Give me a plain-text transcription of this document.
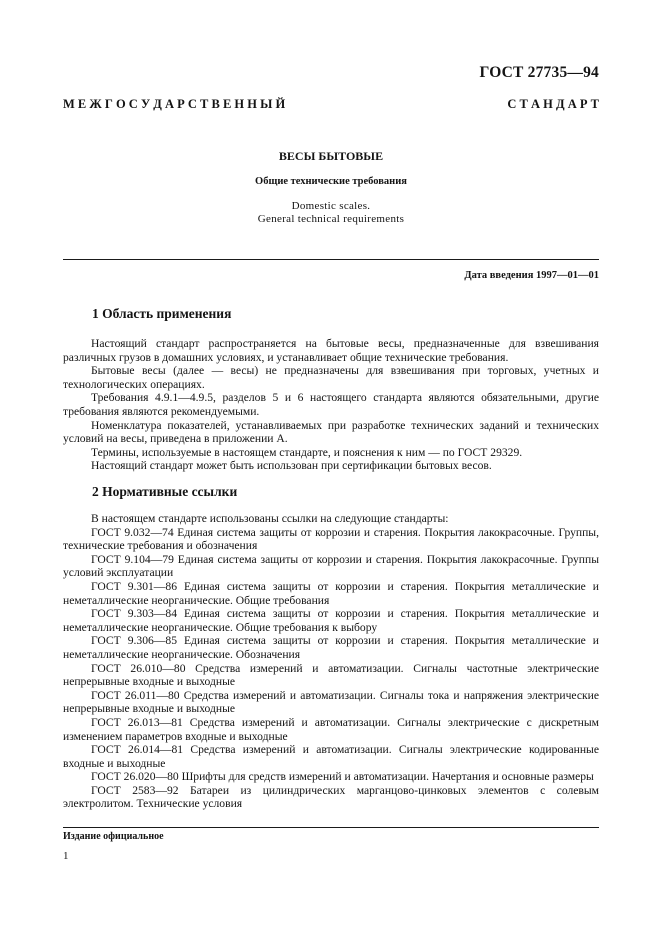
ГОСТ 27735—94
М Е Ж Г О С У Д А Р С Т В Е Н Н Ы Й	С Т А Н Д А Р Т
ВЕСЫ БЫТОВЫЕ
Общие технические требования
Domestic scales.
General technical requirements
Дата введения 1997—01—01
1 Область применения

Настоящий стандарт распространяется на бытовые весы, предназначенные для взвешивания различных грузов в домашних условиях, и устанавливает общие технические требования.

Бытовые весы (далее — весы) не предназначены для взвешивания при торговых, учетных и технологических операциях.

Требования 4.9.1—4.9.5, разделов 5 и 6 настоящего стандарта являются обязательными, другие требования являются рекомендуемыми.

Номенклатура показателей, устанавливаемых при разработке технических заданий и технических условий на весы, приведена в приложении А.

Термины, используемые в настоящем стандарте, и пояснения к ним — по ГОСТ 29329.

Настоящий стандарт может быть использован при сертификации бытовых весов.

2 Нормативные ссылки

В настоящем стандарте использованы ссылки на следующие стандарты:

ГОСТ 9.032—74 Единая система защиты от коррозии и старения. Покрытия лакокрасочные. Группы, технические требования и обозначения

ГОСТ 9.104—79 Единая система защиты от коррозии и старения. Покрытия лакокрасочные. Группы условий эксплуатации

ГОСТ 9.301—86 Единая система защиты от коррозии и старения. Покрытия металлические и неметаллические неорганические. Общие требования

ГОСТ 9.303—84 Единая система защиты от коррозии и старения. Покрытия металлические и неметаллические неорганические. Общие требования к выбору

ГОСТ 9.306—85 Единая система защиты от коррозии и старения. Покрытия металлические и неметаллические неорганические. Обозначения

ГОСТ 26.010—80 Средства измерений и автоматизации. Сигналы частотные электрические непрерывные входные и выходные

ГОСТ 26.011—80 Средства измерений и автоматизации. Сигналы тока и напряжения электрические непрерывные входные и выходные

ГОСТ 26.013—81 Средства измерений и автоматизации. Сигналы электрические с дискретным изменением параметров входные и выходные

ГОСТ 26.014—81 Средства измерений и автоматизации. Сигналы электрические кодированные входные и выходные

ГОСТ 26.020—80 Шрифты для средств измерений и автоматизации. Начертания и основные размеры

ГОСТ 2583—92 Батареи из цилиндрических марганцово-цинковых элементов с солевым электролитом. Технические условия

Издание официальное
1
